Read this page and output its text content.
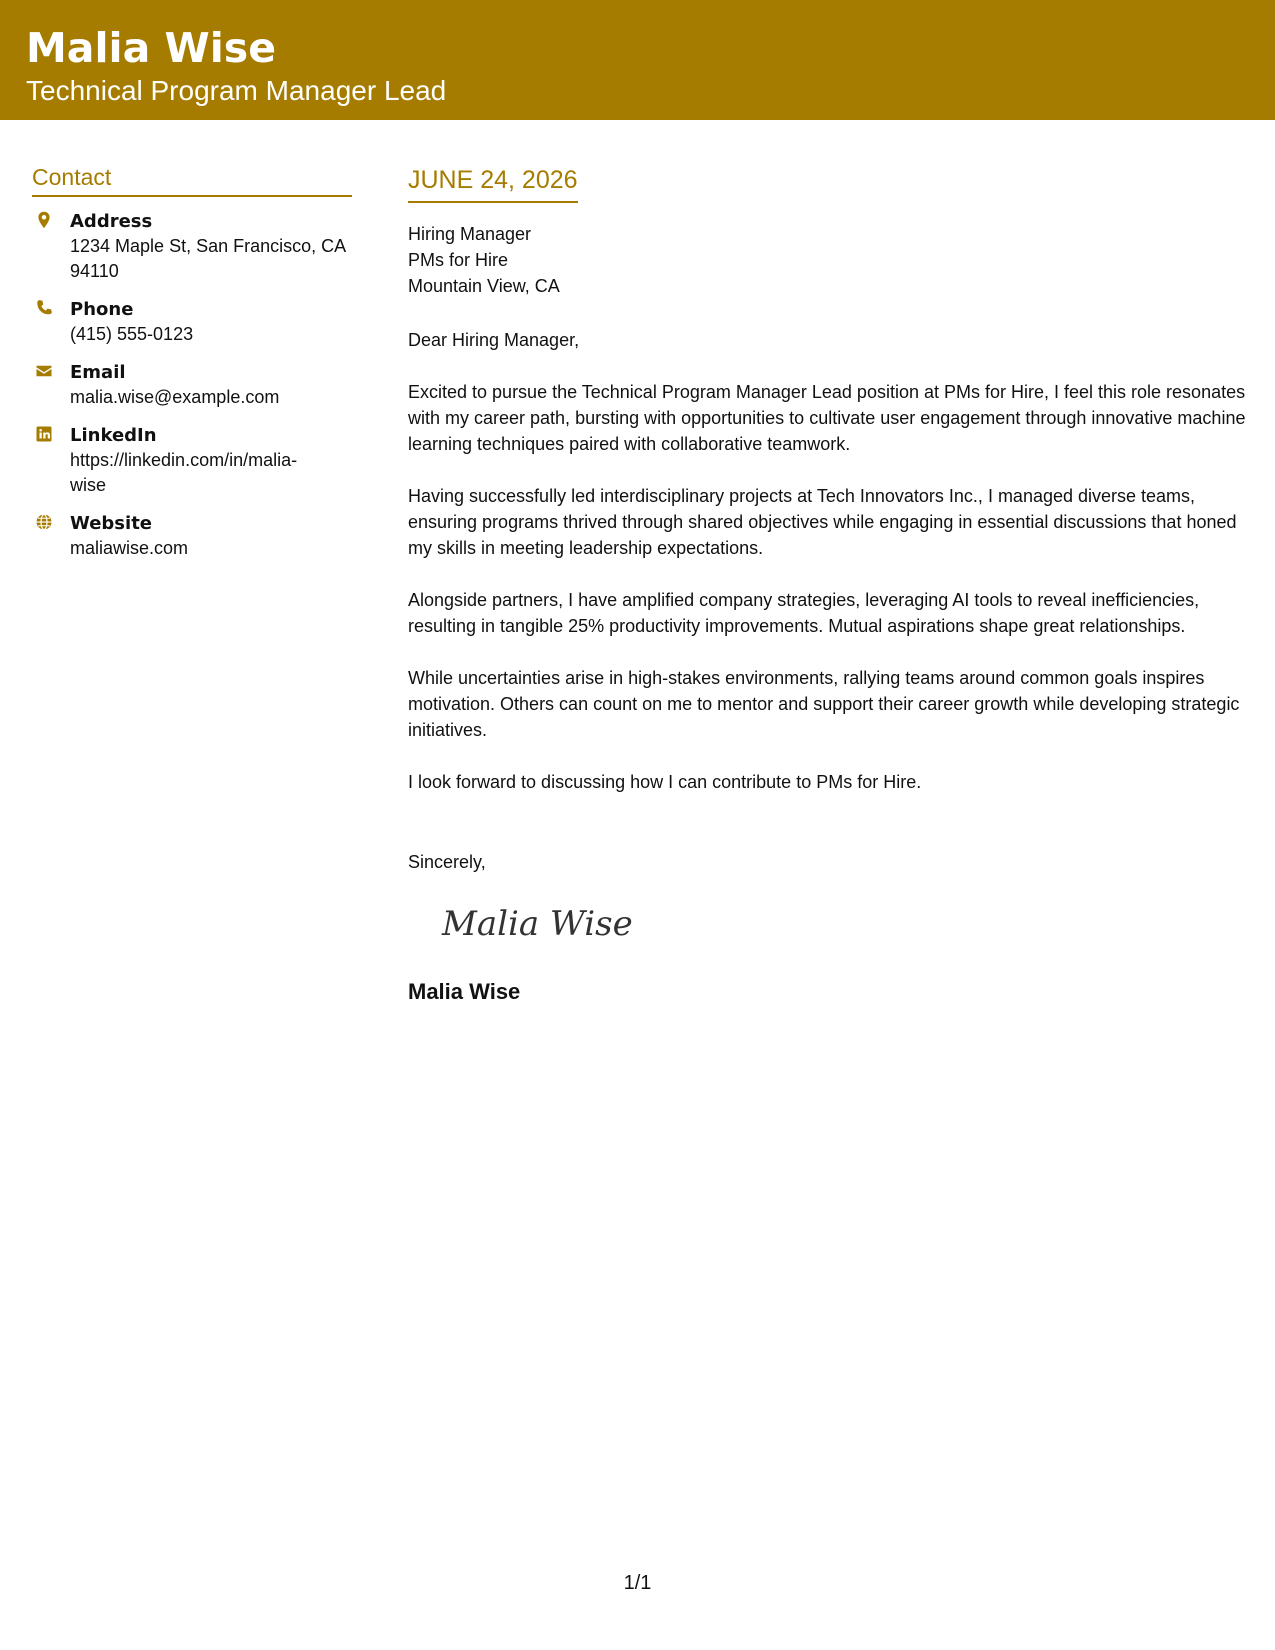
Malia Wise
Technical Program Manager Lead
Contact
Address
1234 Maple St, San Francisco, CA 94110
Phone
(415) 555-0123
Email
malia.wise@example.com
LinkedIn
https://linkedin.com/in/malia-wise
Website
maliawise.com
JUNE 24, 2026
Hiring Manager
PMs for Hire
Mountain View, CA
Dear Hiring Manager,
Excited to pursue the Technical Program Manager Lead position at PMs for Hire, I feel this role resonates with my career path, bursting with opportunities to cultivate user engagement through innovative machine learning techniques paired with collaborative teamwork.
Having successfully led interdisciplinary projects at Tech Innovators Inc., I managed diverse teams, ensuring programs thrived through shared objectives while engaging in essential discussions that honed my skills in meeting leadership expectations.
Alongside partners, I have amplified company strategies, leveraging AI tools to reveal inefficiencies, resulting in tangible 25% productivity improvements. Mutual aspirations shape great relationships.
While uncertainties arise in high-stakes environments, rallying teams around common goals inspires motivation. Others can count on me to mentor and support their career growth while developing strategic initiatives.
I look forward to discussing how I can contribute to PMs for Hire.
Sincerely,
Malia Wise
Malia Wise
1/1
